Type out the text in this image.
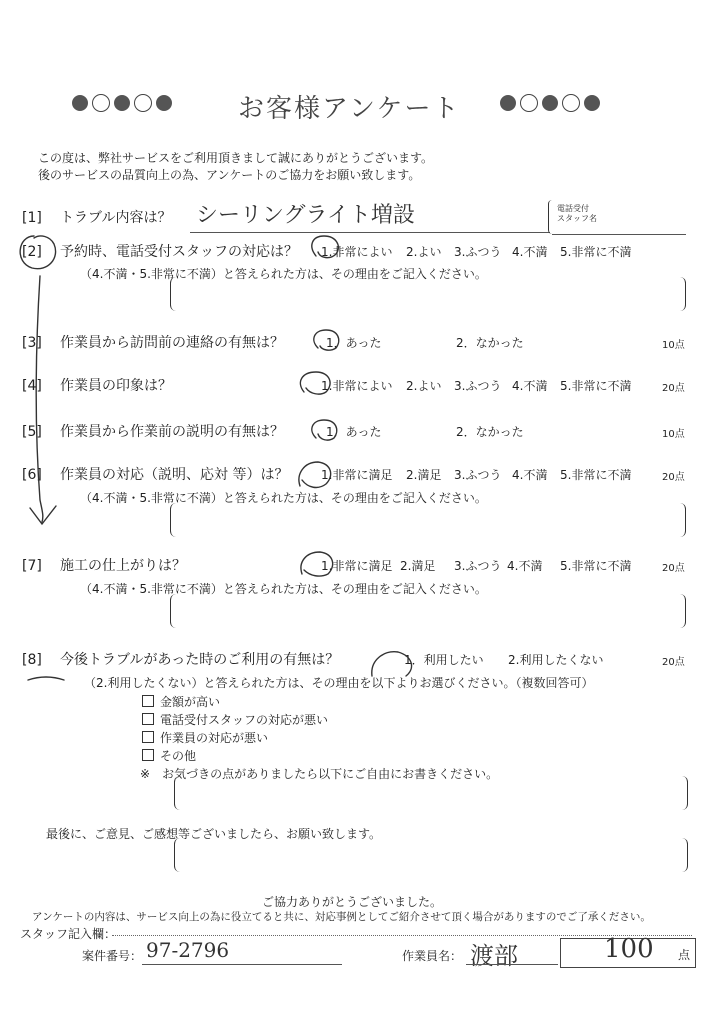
お客様アンケート
この度は、弊社サービスをご利用頂きまして誠にありがとうございます。
後のサービスの品質向上の為、アンケートのご協力をお願い致します。
[1] トラブル内容は？ シーリングライト増設	電話受付
スタッフ名
[2] 予約時、電話受付スタッフの対応は？ 1.非常によい 2.よい 3.ふつう 4.不満 5.非常に不満
（4.不満・5.非常に不満）と答えられた方は、その理由をご記入ください。
[3] 作業員から訪問前の連絡の有無は？	1．あった	2．なかった	10点
[4] 作業員の印象は？	1.非常によい 2.よい 3.ふつう 4.不満 5.非常に不満	20点
[5] 作業員から作業前の説明の有無は？	1．あった	2．なかった	10点
[6] 作業員の対応（説明、応対 等）は？	1.非常に満足 2.満足 3.ふつう 4.不満 5.非常に不満	20点
（4.不満・5.非常に不満）と答えられた方は、その理由をご記入ください。
[7] 施工の仕上がりは？	1.非常に満足 2.満足 3.ふつう 4.不満 5.非常に不満	20点
（4.不満・5.非常に不満）と答えられた方は、その理由をご記入ください。
[8] 今後トラブルがあった時のご利用の有無は？	1．利用したい 2.利用したくない	20点
（2.利用したくない）と答えられた方は、その理由を以下よりお選びください。（複数回答可）
金額が高い
電話受付スタッフの対応が悪い
作業員の対応が悪い
その他
※ お気づきの点がありましたら以下にご自由にお書きください。
最後に、ご意見、ご感想等ございましたら、お願い致します。
ご協力ありがとうございました。
アンケートの内容は、サービス向上の為に役立てると共に、対応事例としてご紹介させて頂く場合がありますのでご了承ください。
スタッフ記入欄：
案件番号： 97-2796	作業員名： 渡部	100 点
